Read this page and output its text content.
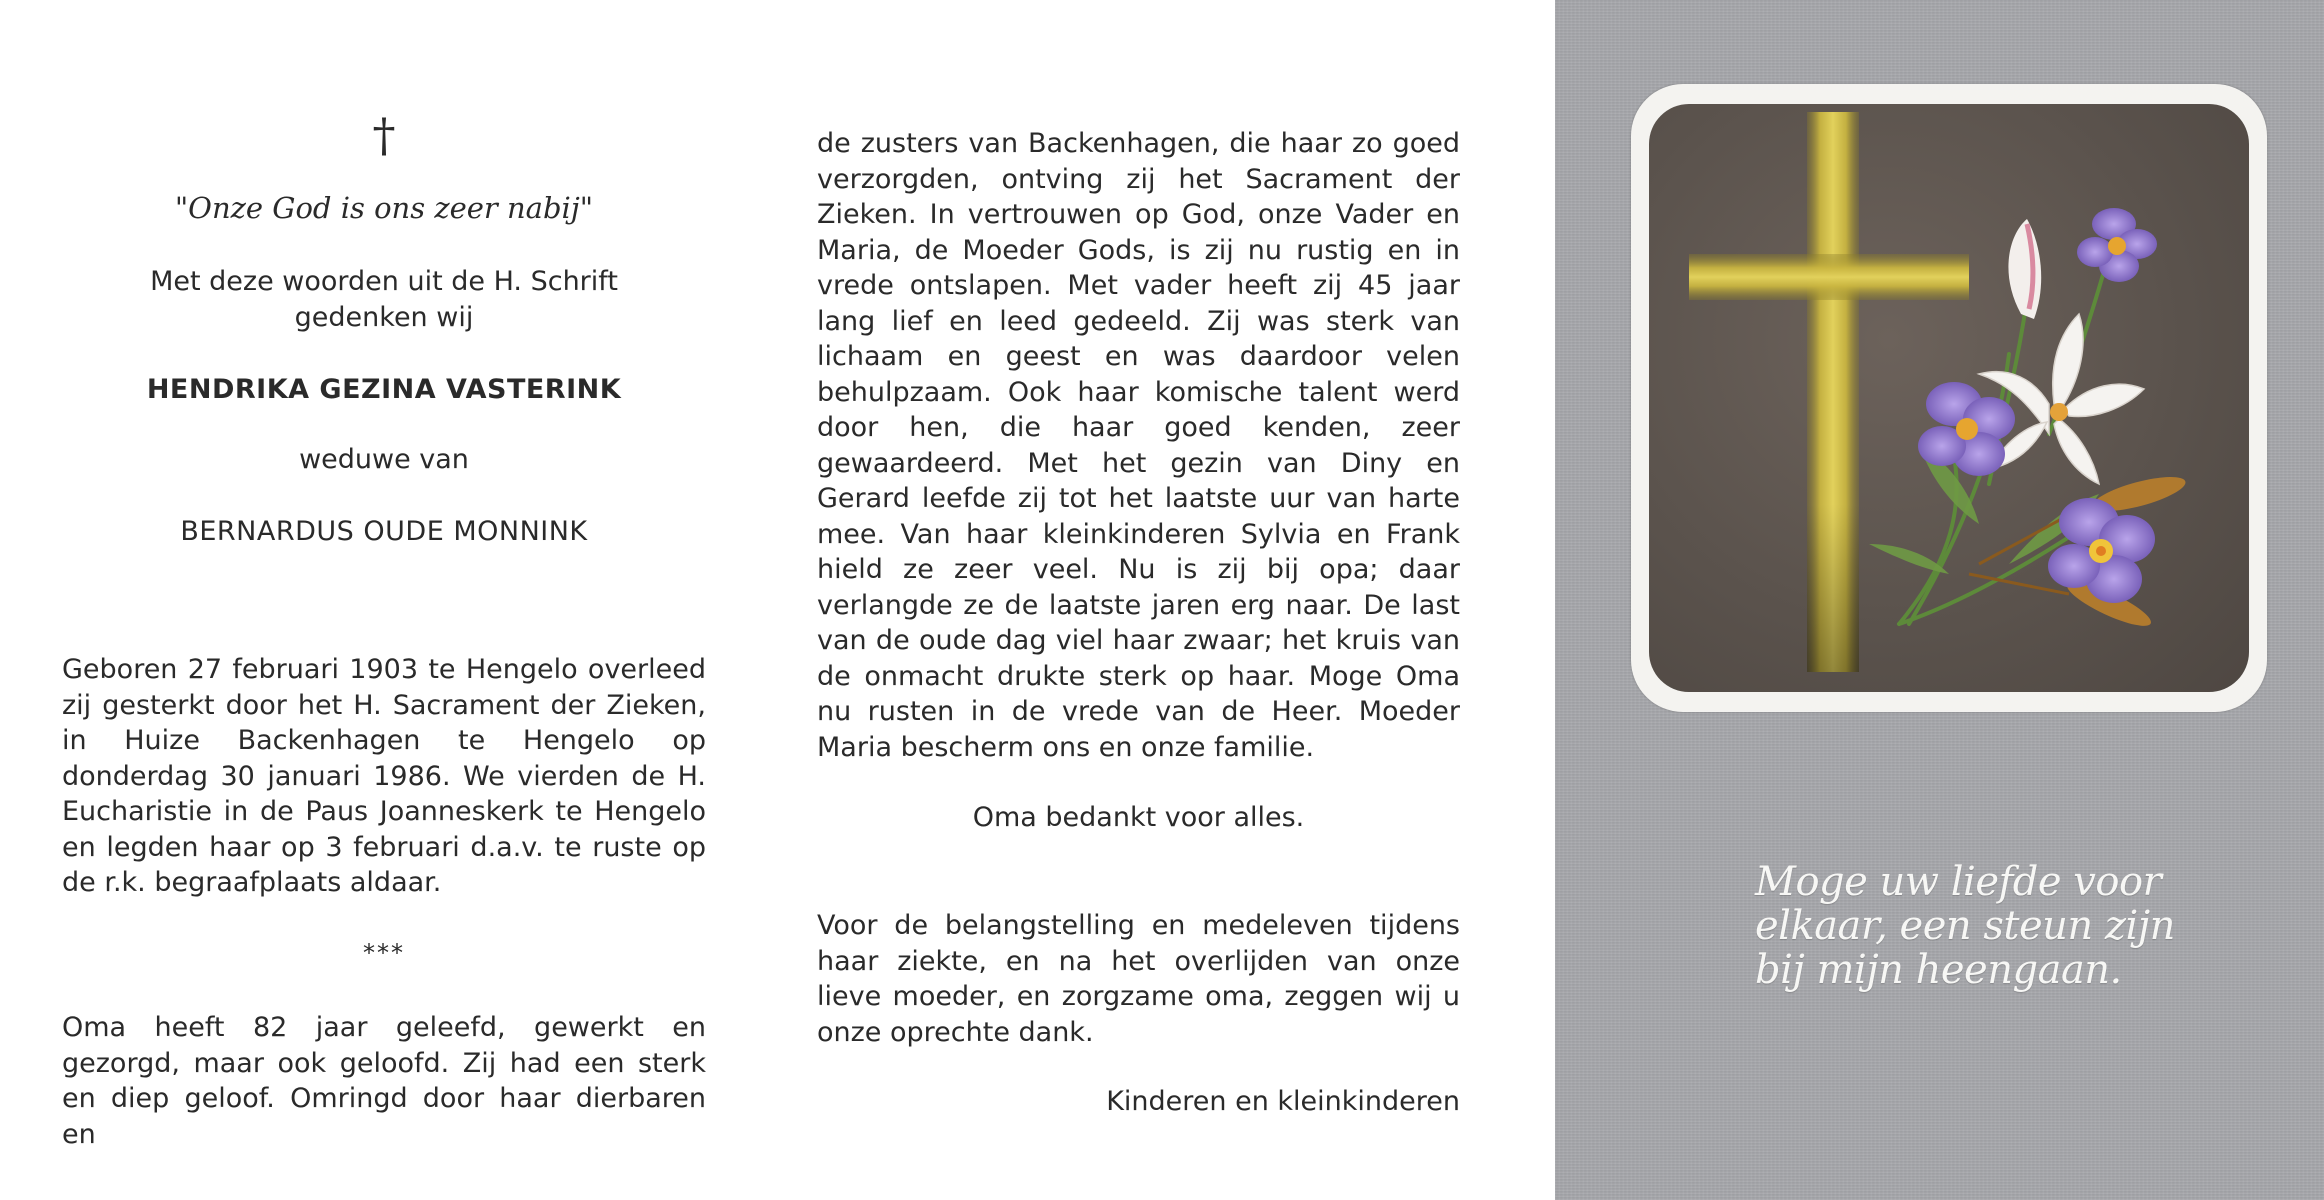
†
"Onze God is ons zeer nabij"
Met deze woorden uit de H. Schrift
gedenken wij
HENDRIKA GEZINA VASTERINK
weduwe van
BERNARDUS OUDE MONNINK

Geboren 27 februari 1903 te Hengelo overleed zij gesterkt door het H. Sacrament der Zieken, in Huize Backenhagen te Hengelo op donderdag 30 januari 1986. We vierden de H. Eucharistie in de Paus Joanneskerk te Hengelo en legden haar op 3 februari d.a.v. te ruste op de r.k. begraafplaats aldaar.

***

Oma heeft 82 jaar geleefd, gewerkt en gezorgd, maar ook geloofd. Zij had een sterk en diep geloof. Omringd door haar dierbaren en

de zusters van Backenhagen, die haar zo goed verzorgden, ontving zij het Sacrament der Zieken. In vertrouwen op God, onze Vader en Maria, de Moeder Gods, is zij nu rustig en in vrede ontslapen. Met vader heeft zij 45 jaar lang lief en leed gedeeld. Zij was sterk van lichaam en geest en was daardoor velen behulpzaam. Ook haar komische talent werd door hen, die haar goed kenden, zeer gewaardeerd. Met het gezin van Diny en Gerard leefde zij tot het laatste uur van harte mee. Van haar kleinkinderen Sylvia en Frank hield ze zeer veel. Nu is zij bij opa; daar verlangde ze de laatste jaren erg naar. De last van de oude dag viel haar zwaar; het kruis van de onmacht drukte sterk op haar. Moge Oma nu rusten in de vrede van de Heer. Moeder Maria bescherm ons en onze familie.

Oma bedankt voor alles.

Voor de belangstelling en medeleven tijdens haar ziekte, en na het overlijden van onze lieve moeder, en zorgzame oma, zeggen wij u onze oprechte dank.

Kinderen en kleinkinderen
Moge uw liefde voor
elkaar, een steun zijn
bij mijn heengaan.
